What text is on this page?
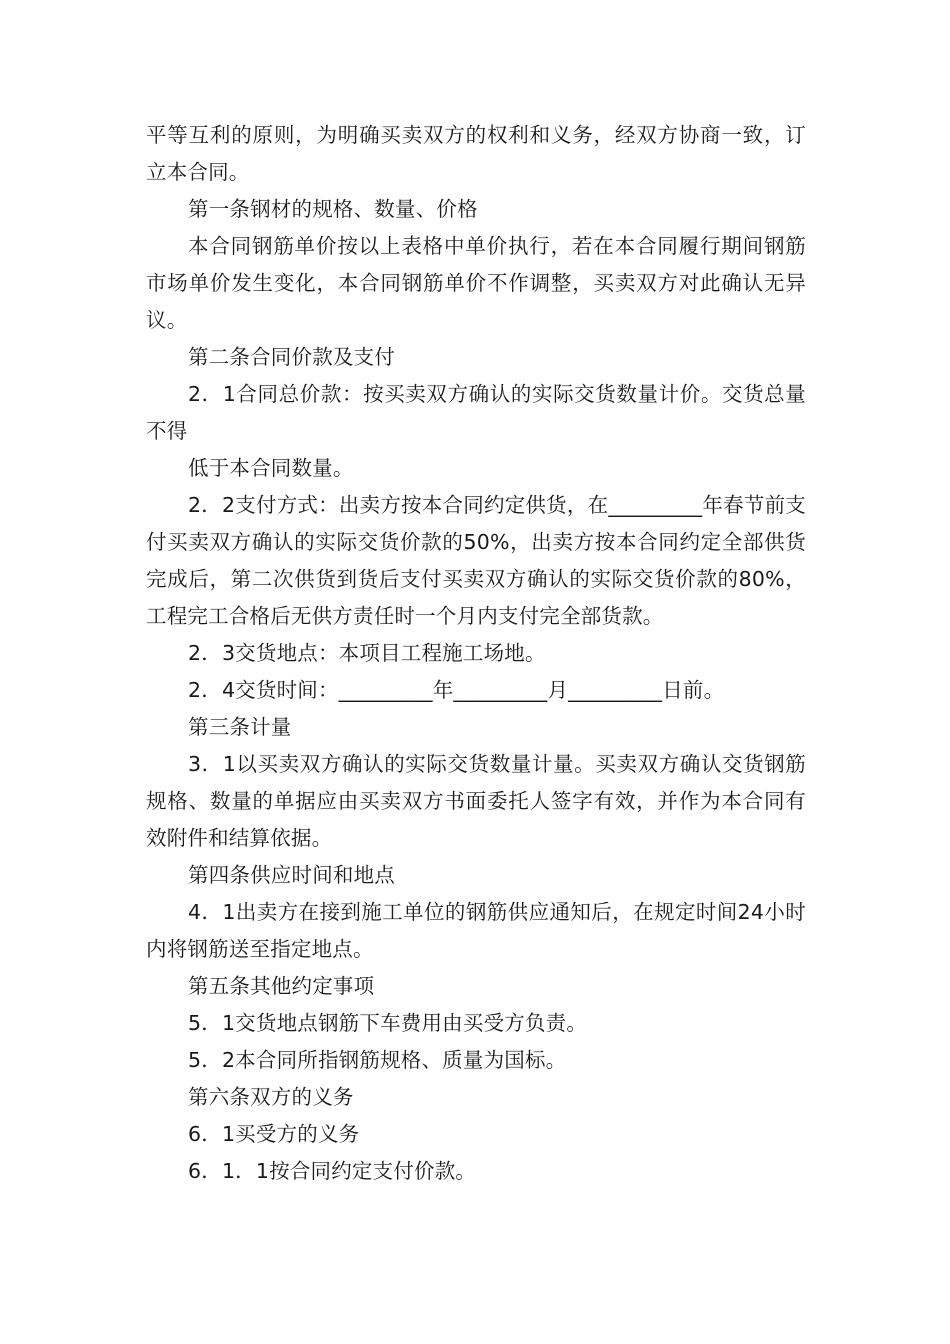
平等互利的原则，为明确买卖双方的权利和义务，经双方协商一致，订立本合同。

第一条钢材的规格、数量、价格

本合同钢筋单价按以上表格中单价执行，若在本合同履行期间钢筋市场单价发生变化，本合同钢筋单价不作调整，买卖双方对此确认无异议。

第二条合同价款及支付

2．1合同总价款：按买卖双方确认的实际交货数量计价。交货总量不得

低于本合同数量。

2．2支付方式：出卖方按本合同约定供货，在_________年春节前支付买卖双方确认的实际交货价款的50%，出卖方按本合同约定全部供货完成后，第二次供货到货后支付买卖双方确认的实际交货价款的80%，工程完工合格后无供方责任时一个月内支付完全部货款。

2．3交货地点：本项目工程施工场地。

2．4交货时间：_________年_________月_________日前。

第三条计量

3．1以买卖双方确认的实际交货数量计量。买卖双方确认交货钢筋规格、数量的单据应由买卖双方书面委托人签字有效，并作为本合同有效附件和结算依据。

第四条供应时间和地点

4．1出卖方在接到施工单位的钢筋供应通知后，在规定时间24小时内将钢筋送至指定地点。

第五条其他约定事项

5．1交货地点钢筋下车费用由买受方负责。

5．2本合同所指钢筋规格、质量为国标。

第六条双方的义务

6．1买受方的义务

6．1．1按合同约定支付价款。
